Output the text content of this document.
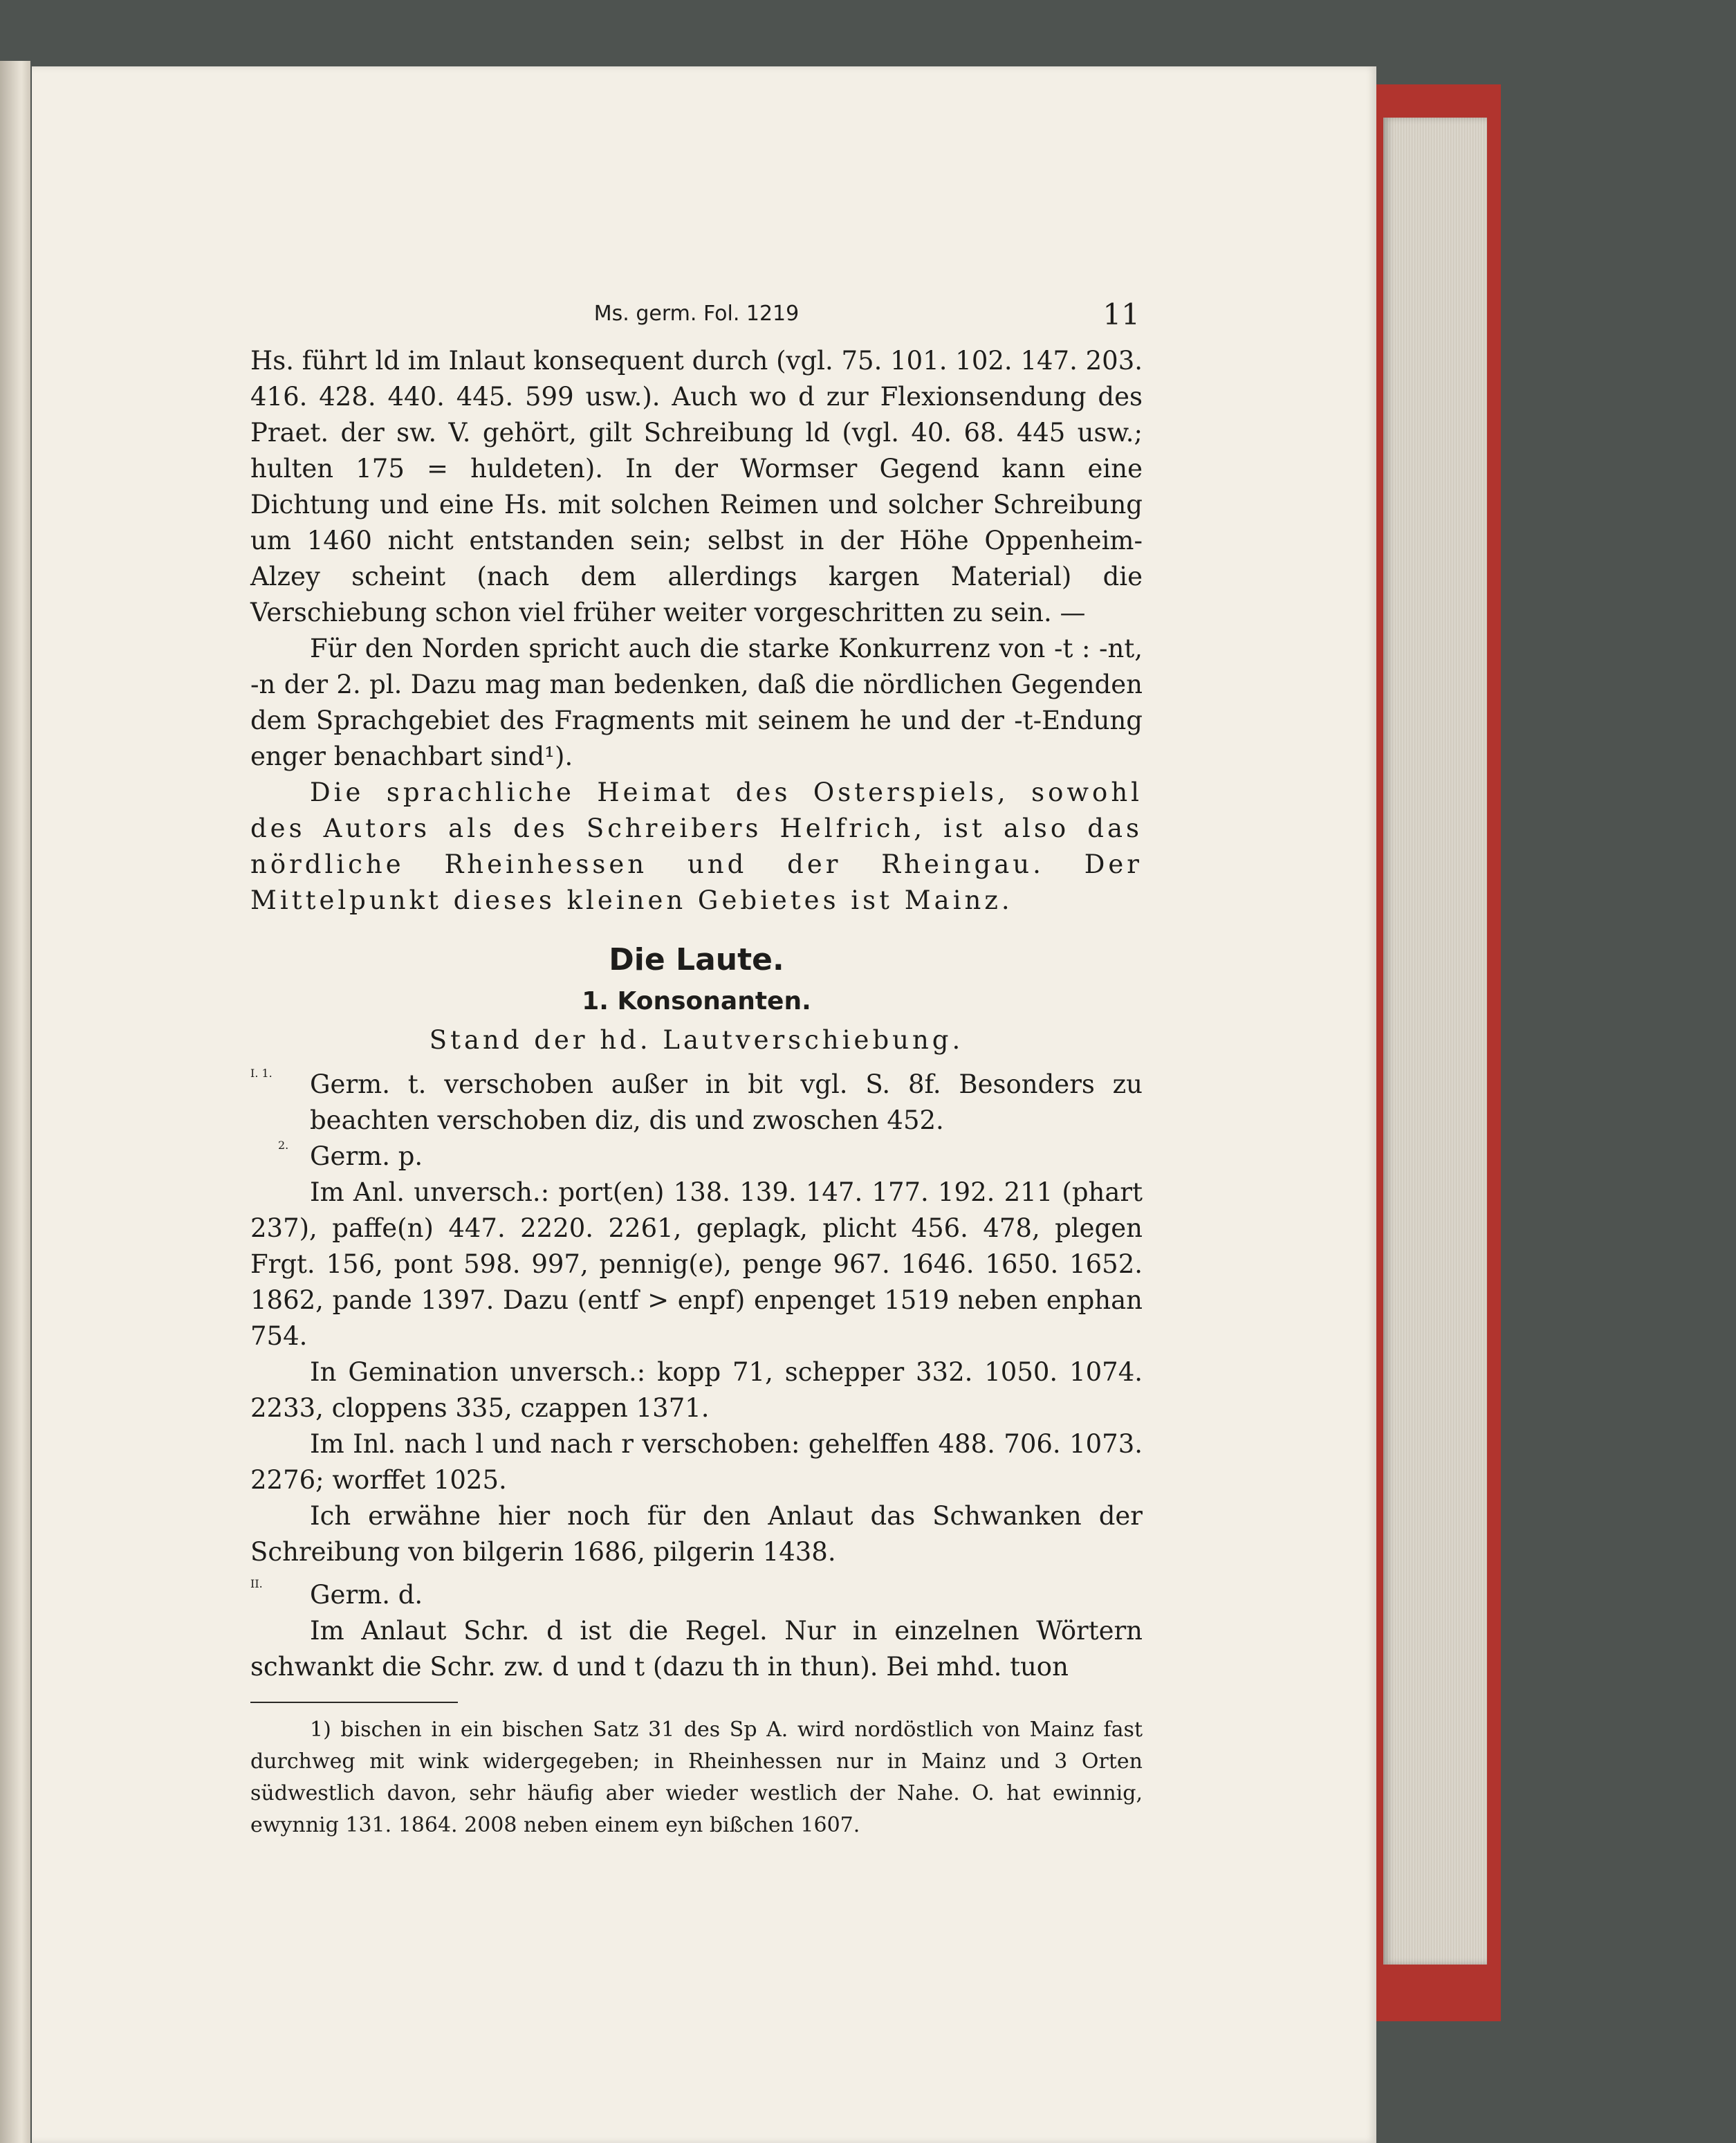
Ms. germ. Fol. 1219	11

Hs. führt ld im Inlaut konsequent durch (vgl. 75. 101. 102. 147. 203. 416. 428. 440. 445. 599 usw.). Auch wo d zur Flexionsendung des Praet. der sw. V. gehört, gilt Schreibung ld (vgl. 40. 68. 445 usw.; hulten 175 = huldeten). In der Wormser Gegend kann eine Dichtung und eine Hs. mit solchen Reimen und solcher Schreibung um 1460 nicht entstanden sein; selbst in der Höhe Oppenheim-Alzey scheint (nach dem allerdings kargen Material) die Verschiebung schon viel früher weiter vorgeschritten zu sein. —

Für den Norden spricht auch die starke Konkurrenz von -t : -nt, -n der 2. pl. Dazu mag man bedenken, daß die nördlichen Gegenden dem Sprachgebiet des Fragments mit seinem he und der -t-Endung enger benachbart sind¹).

Die sprachliche Heimat des Osterspiels, sowohl des Autors als des Schreibers Helfrich, ist also das nördliche Rheinhessen und der Rheingau. Der Mittelpunkt dieses kleinen Gebietes ist Mainz.

Die Laute.
1. Konsonanten.
Stand der hd. Lautverschiebung.
I. 1. Germ. t. verschoben außer in bit vgl. S. 8f. Besonders zu beachten verschoben diz, dis und zwoschen 452.

2. Germ. p.

Im Anl. unversch.: port(en) 138. 139. 147. 177. 192. 211 (phart 237), paffe(n) 447. 2220. 2261, geplagk, plicht 456. 478, plegen Frgt. 156, pont 598. 997, pennig(e), penge 967. 1646. 1650. 1652. 1862, pande 1397. Dazu (entf > enpf) enpenget 1519 neben enphan 754.

In Gemination unversch.: kopp 71, schepper 332. 1050. 1074. 2233, cloppens 335, czappen 1371.

Im Inl. nach l und nach r verschoben: gehelffen 488. 706. 1073. 2276; worffet 1025.

Ich erwähne hier noch für den Anlaut das Schwanken der Schreibung von bilgerin 1686, pilgerin 1438.

II. Germ. d.

Im Anlaut Schr. d ist die Regel. Nur in einzelnen Wörtern schwankt die Schr. zw. d und t (dazu th in thun). Bei mhd. tuon

1) bischen in ein bischen Satz 31 des Sp A. wird nordöstlich von Mainz fast durchweg mit wink widergegeben; in Rheinhessen nur in Mainz und 3 Orten südwestlich davon, sehr häufig aber wieder westlich der Nahe. O. hat ewinnig, ewynnig 131. 1864. 2008 neben einem eyn bißchen 1607.
